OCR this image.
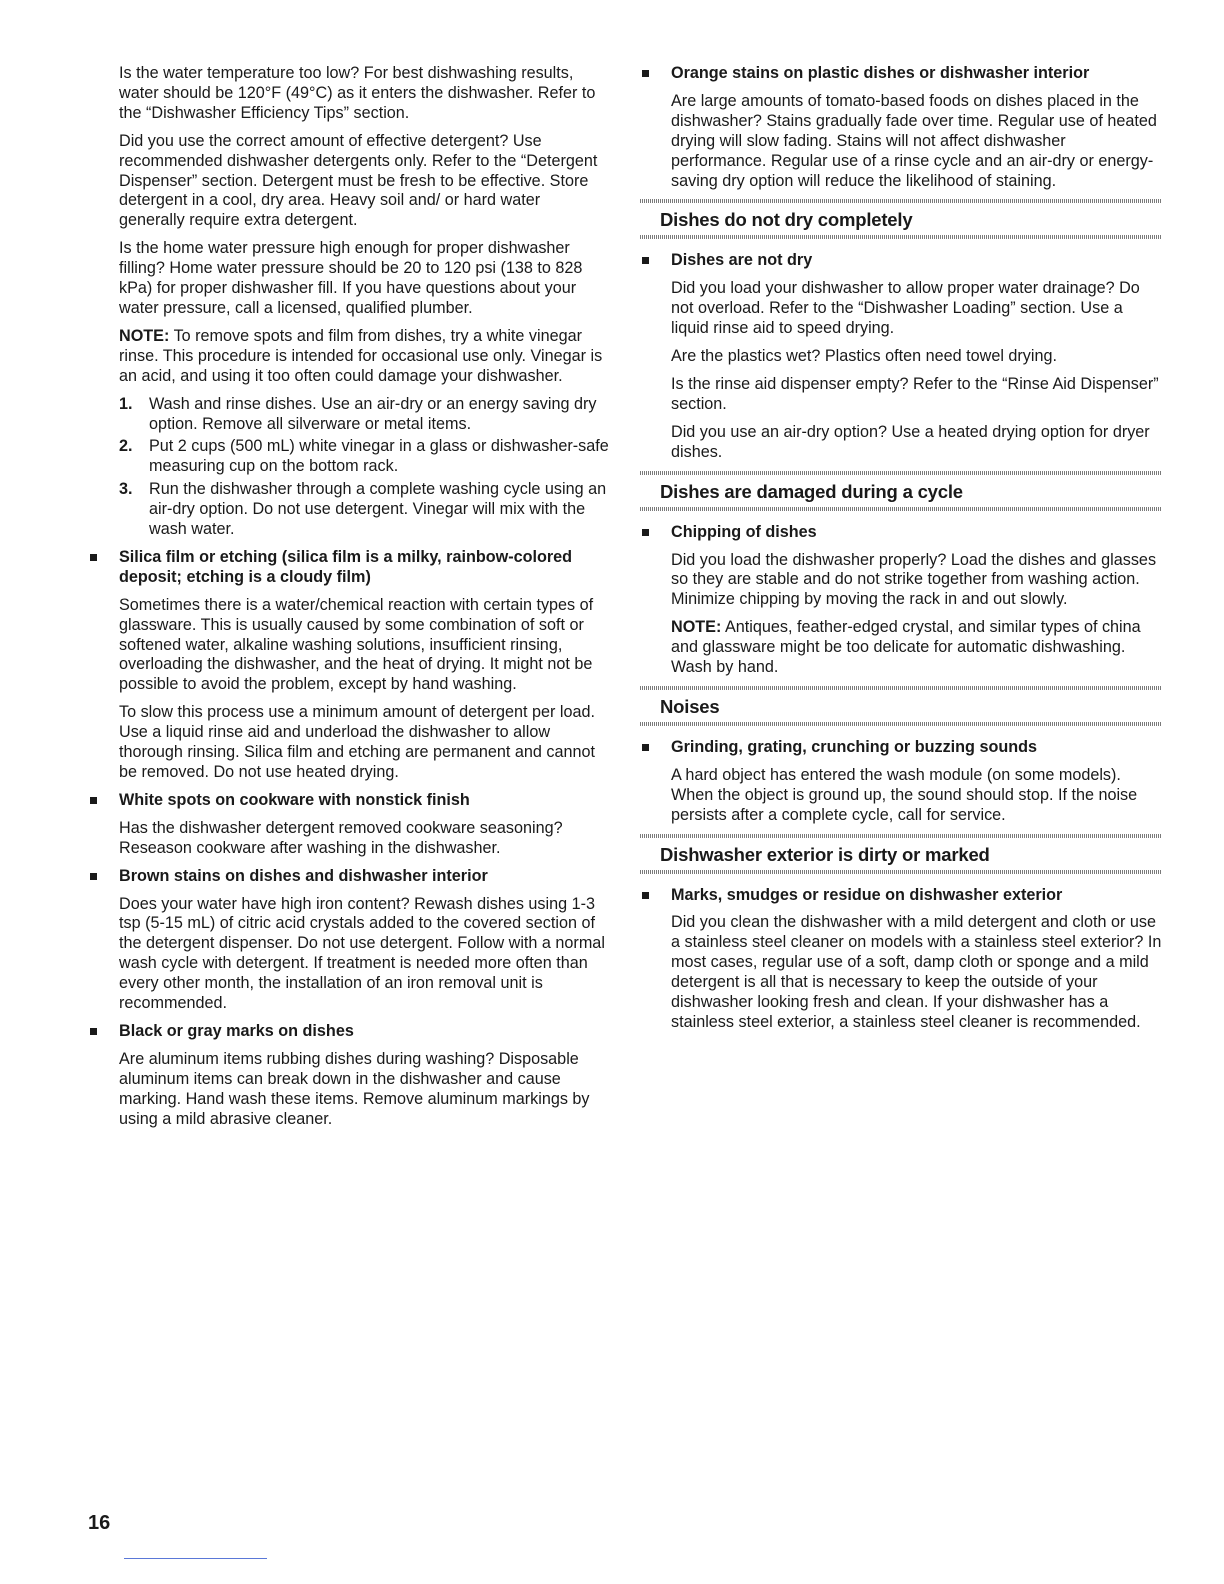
Is the water temperature too low? For best dishwashing results, water should be 120°F (49°C) as it enters the dishwasher. Refer to the “Dishwasher Efficiency Tips” section.

Did you use the correct amount of effective detergent? Use recommended dishwasher detergents only. Refer to the “Detergent Dispenser” section. Detergent must be fresh to be effective. Store detergent in a cool, dry area. Heavy soil and/ or hard water generally require extra detergent.

Is the home water pressure high enough for proper dishwasher filling? Home water pressure should be 20 to 120 psi (138 to 828 kPa) for proper dishwasher fill. If you have questions about your water pressure, call a licensed, qualified plumber.

NOTE: To remove spots and film from dishes, try a white vinegar rinse. This procedure is intended for occasional use only. Vinegar is an acid, and using it too often could damage your dishwasher.

1. Wash and rinse dishes. Use an air-dry or an energy saving dry option. Remove all silverware or metal items.
2. Put 2 cups (500 mL) white vinegar in a glass or dishwasher-safe measuring cup on the bottom rack.
3. Run the dishwasher through a complete washing cycle using an air-dry option. Do not use detergent. Vinegar will mix with the wash water.
Silica film or etching (silica film is a milky, rainbow-colored deposit; etching is a cloudy film)

Sometimes there is a water/chemical reaction with certain types of glassware. This is usually caused by some combination of soft or softened water, alkaline washing solutions, insufficient rinsing, overloading the dishwasher, and the heat of drying. It might not be possible to avoid the problem, except by hand washing.

To slow this process use a minimum amount of detergent per load. Use a liquid rinse aid and underload the dishwasher to allow thorough rinsing. Silica film and etching are permanent and cannot be removed. Do not use heated drying.

White spots on cookware with nonstick finish

Has the dishwasher detergent removed cookware seasoning? Reseason cookware after washing in the dishwasher.

Brown stains on dishes and dishwasher interior

Does your water have high iron content? Rewash dishes using 1-3 tsp (5-15 mL) of citric acid crystals added to the covered section of the detergent dispenser. Do not use detergent. Follow with a normal wash cycle with detergent. If treatment is needed more often than every other month, the installation of an iron removal unit is recommended.

Black or gray marks on dishes

Are aluminum items rubbing dishes during washing? Disposable aluminum items can break down in the dishwasher and cause marking. Hand wash these items. Remove aluminum markings by using a mild abrasive cleaner.

Orange stains on plastic dishes or dishwasher interior

Are large amounts of tomato-based foods on dishes placed in the dishwasher? Stains gradually fade over time. Regular use of heated drying will slow fading. Stains will not affect dishwasher performance. Regular use of a rinse cycle and an air-dry or energy-saving dry option will reduce the likelihood of staining.

Dishes do not dry completely
Dishes are not dry

Did you load your dishwasher to allow proper water drainage? Do not overload. Refer to the “Dishwasher Loading” section. Use a liquid rinse aid to speed drying.

Are the plastics wet? Plastics often need towel drying.

Is the rinse aid dispenser empty? Refer to the “Rinse Aid Dispenser” section.

Did you use an air-dry option? Use a heated drying option for dryer dishes.

Dishes are damaged during a cycle
Chipping of dishes

Did you load the dishwasher properly? Load the dishes and glasses so they are stable and do not strike together from washing action. Minimize chipping by moving the rack in and out slowly.

NOTE: Antiques, feather-edged crystal, and similar types of china and glassware might be too delicate for automatic dishwashing. Wash by hand.

Noises
Grinding, grating, crunching or buzzing sounds

A hard object has entered the wash module (on some models). When the object is ground up, the sound should stop. If the noise persists after a complete cycle, call for service.

Dishwasher exterior is dirty or marked
Marks, smudges or residue on dishwasher exterior

Did you clean the dishwasher with a mild detergent and cloth or use a stainless steel cleaner on models with a stainless steel exterior? In most cases, regular use of a soft, damp cloth or sponge and a mild detergent is all that is necessary to keep the outside of your dishwasher looking fresh and clean. If your dishwasher has a stainless steel exterior, a stainless steel cleaner is recommended.

16
